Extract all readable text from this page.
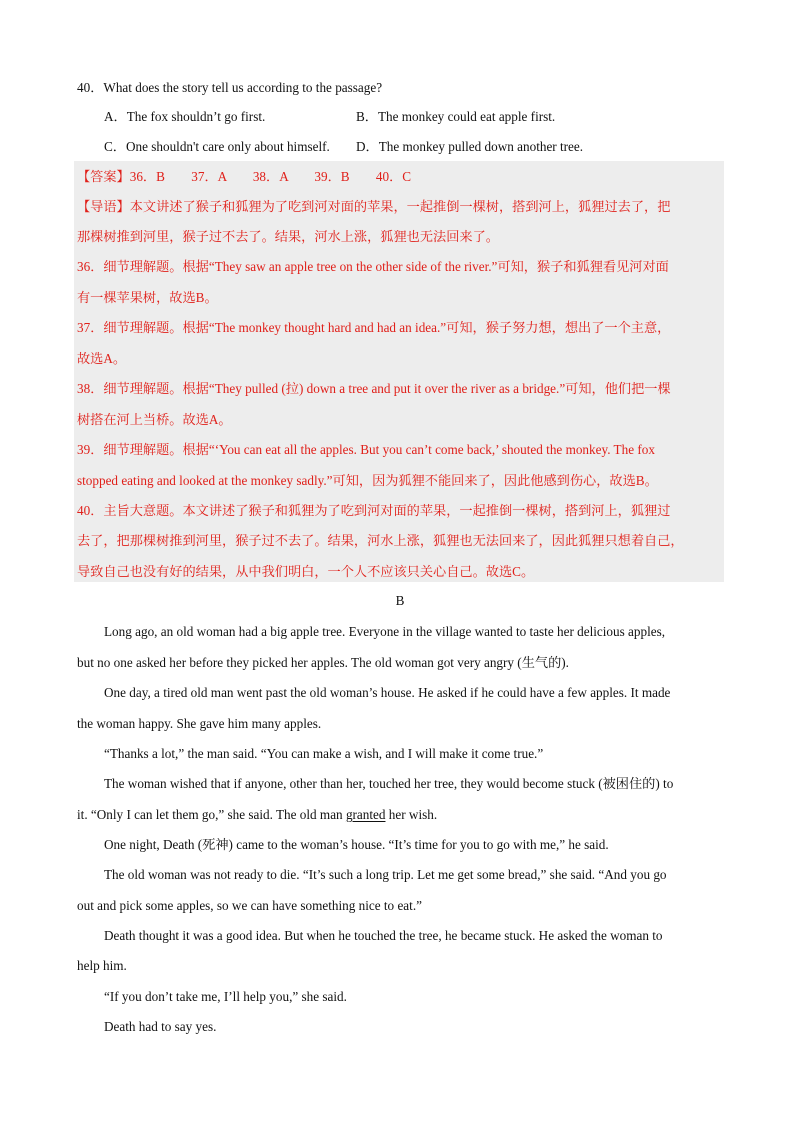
40．What does the story tell us according to the passage?
A．The fox shouldn’t go first.	B．The monkey could eat apple first.
C．One shouldn't care only about himself. D．The monkey pulled down another tree.
【答案】36．B　　37．A　　38．A　　39．B　　40．C
【导语】本文讲述了猴子和狐狸为了吃到河对面的苹果，一起推倒一棵树，搭到河上，狐狸过去了，把
那棵树推到河里，猴子过不去了。结果，河水上涨，狐狸也无法回来了。
36．细节理解题。根据“They saw an apple tree on the other side of the river.”可知，猴子和狐狸看见河对面
有一棵苹果树，故选B。
37．细节理解题。根据“The monkey thought hard and had an idea.”可知，猴子努力想，想出了一个主意，
故选A。
38．细节理解题。根据“They pulled (拉) down a tree and put it over the river as a bridge.”可知，他们把一棵
树搭在河上当桥。故选A。
39．细节理解题。根据“‘You can eat all the apples. But you can’t come back,’ shouted the monkey. The fox
stopped eating and looked at the monkey sadly.”可知，因为狐狸不能回来了，因此他感到伤心，故选B。
40．主旨大意题。本文讲述了猴子和狐狸为了吃到河对面的苹果，一起推倒一棵树，搭到河上，狐狸过
去了，把那棵树推到河里，猴子过不去了。结果，河水上涨，狐狸也无法回来了，因此狐狸只想着自己，
导致自己也没有好的结果，从中我们明白，一个人不应该只关心自己。故选C。
B
Long ago, an old woman had a big apple tree. Everyone in the village wanted to taste her delicious apples,
but no one asked her before they picked her apples. The old woman got very angry (生气的).
One day, a tired old man went past the old woman’s house. He asked if he could have a few apples. It made
the woman happy. She gave him many apples.
“Thanks a lot,” the man said. “You can make a wish, and I will make it come true.”
The woman wished that if anyone, other than her, touched her tree, they would become stuck (被困住的) to
it. “Only I can let them go,” she said. The old man granted her wish.
One night, Death (死神) came to the woman’s house. “It’s time for you to go with me,” he said.
The old woman was not ready to die. “It’s such a long trip. Let me get some bread,” she said. “And you go
out and pick some apples, so we can have something nice to eat.”
Death thought it was a good idea. But when he touched the tree, he became stuck. He asked the woman to
help him.
“If you don’t take me, I’ll help you,” she said.
Death had to say yes.
